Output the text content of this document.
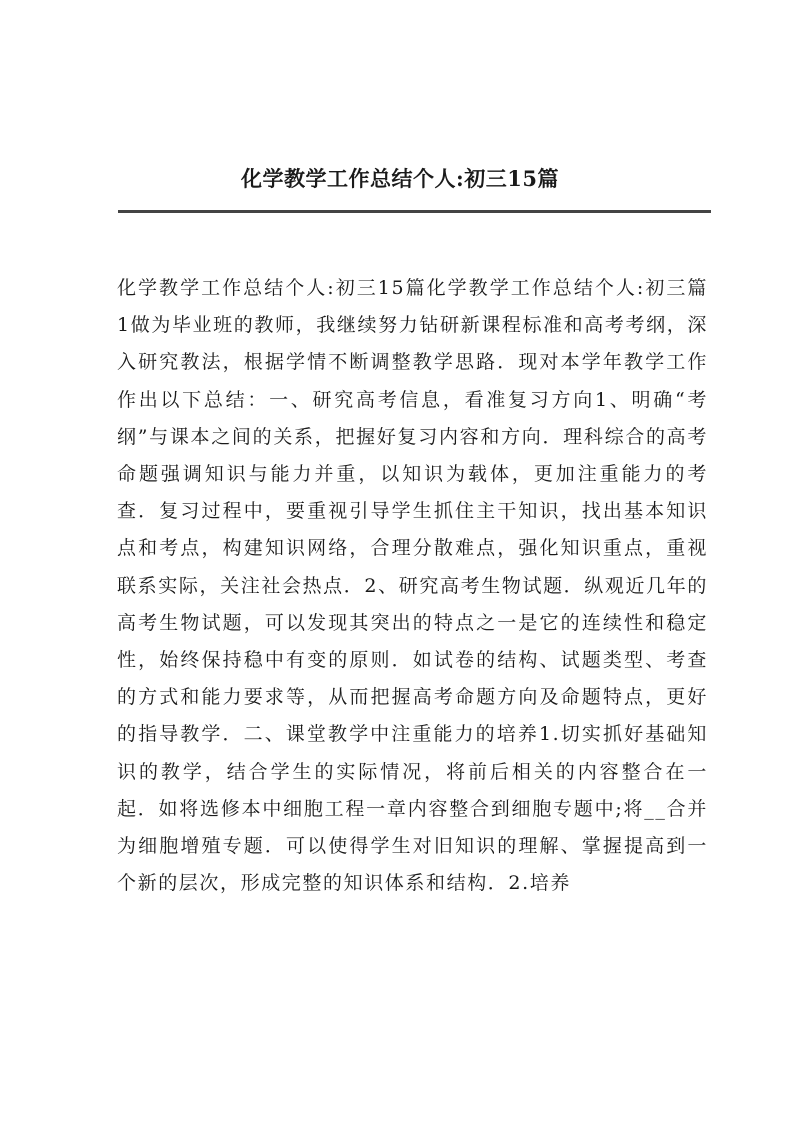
化学教学工作总结个人:初三15篇

化学教学工作总结个人:初三15篇化学教学工作总结个人:初三篇1做为毕业班的教师，我继续努力钻研新课程标准和高考考纲，深入研究教法，根据学情不断调整教学思路．现对本学年教学工作作出以下总结：一、研究高考信息，看准复习方向1、明确“考纲”与课本之间的关系，把握好复习内容和方向．理科综合的高考命题强调知识与能力并重，以知识为载体，更加注重能力的考查．复习过程中，要重视引导学生抓住主干知识，找出基本知识点和考点，构建知识网络，合理分散难点，强化知识重点，重视联系实际，关注社会热点．2、研究高考生物试题．纵观近几年的高考生物试题，可以发现其突出的特点之一是它的连续性和稳定性，始终保持稳中有变的原则．如试卷的结构、试题类型、考查的方式和能力要求等，从而把握高考命题方向及命题特点，更好的指导教学．二、课堂教学中注重能力的培养1.切实抓好基础知识的教学，结合学生的实际情况，将前后相关的内容整合在一起．如将选修本中细胞工程一章内容整合到细胞专题中;将__合并为细胞增殖专题．可以使得学生对旧知识的理解、掌握提高到一个新的层次，形成完整的知识体系和结构．2.培养
